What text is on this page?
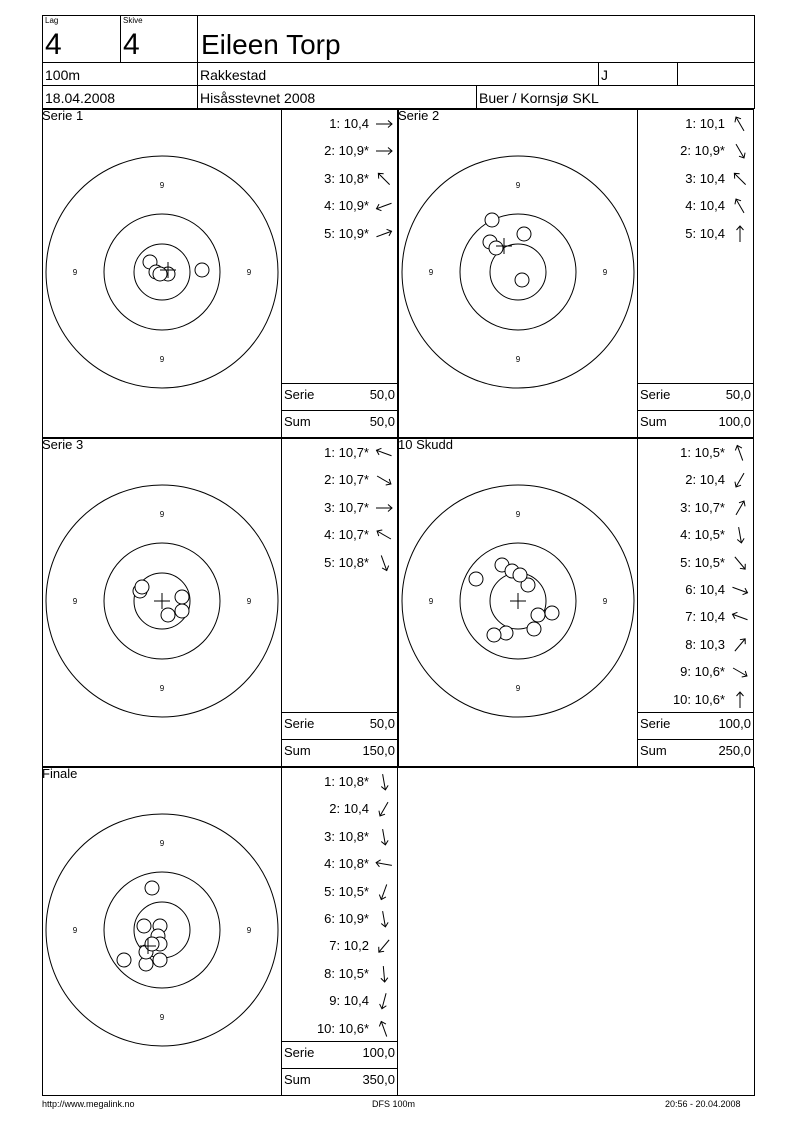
Lag
4
Skive
4 Eileen Torp
100m	Rakkestad	J
18.04.2008	Hisåsstevnet 2008	Buer / Kornsjø SKL
Serie 1
9
9
9	9
1: 10,4
2: 10,9*
3: 10,8*
4: 10,9*
5: 10,9*
Serie	50,0
Sum	50,0
Serie 2
9
9
9	9
1: 10,1
2: 10,9*
3: 10,4
4: 10,4
5: 10,4
Serie	50,0
Sum	100,0
Serie 3
9
9
9	9
1: 10,7*
2: 10,7*
3: 10,7*
4: 10,7*
5: 10,8*
Serie	50,0
Sum	150,0
10 Skudd
9
9
9	9
1: 10,5*
2: 10,4
3: 10,7*
4: 10,5*
5: 10,5*
6: 10,4
7: 10,4
8: 10,3
9: 10,6*
10: 10,6*
Serie	100,0
Sum	250,0
Finale
9
9
9	9
1: 10,8*
2: 10,4
3: 10,8*
4: 10,8*
5: 10,5*
6: 10,9*
7: 10,2
8: 10,5*
9: 10,4
10: 10,6*
Serie	100,0
Sum	350,0
http://www.megalink.no	DFS 100m	20:56 - 20.04.2008
